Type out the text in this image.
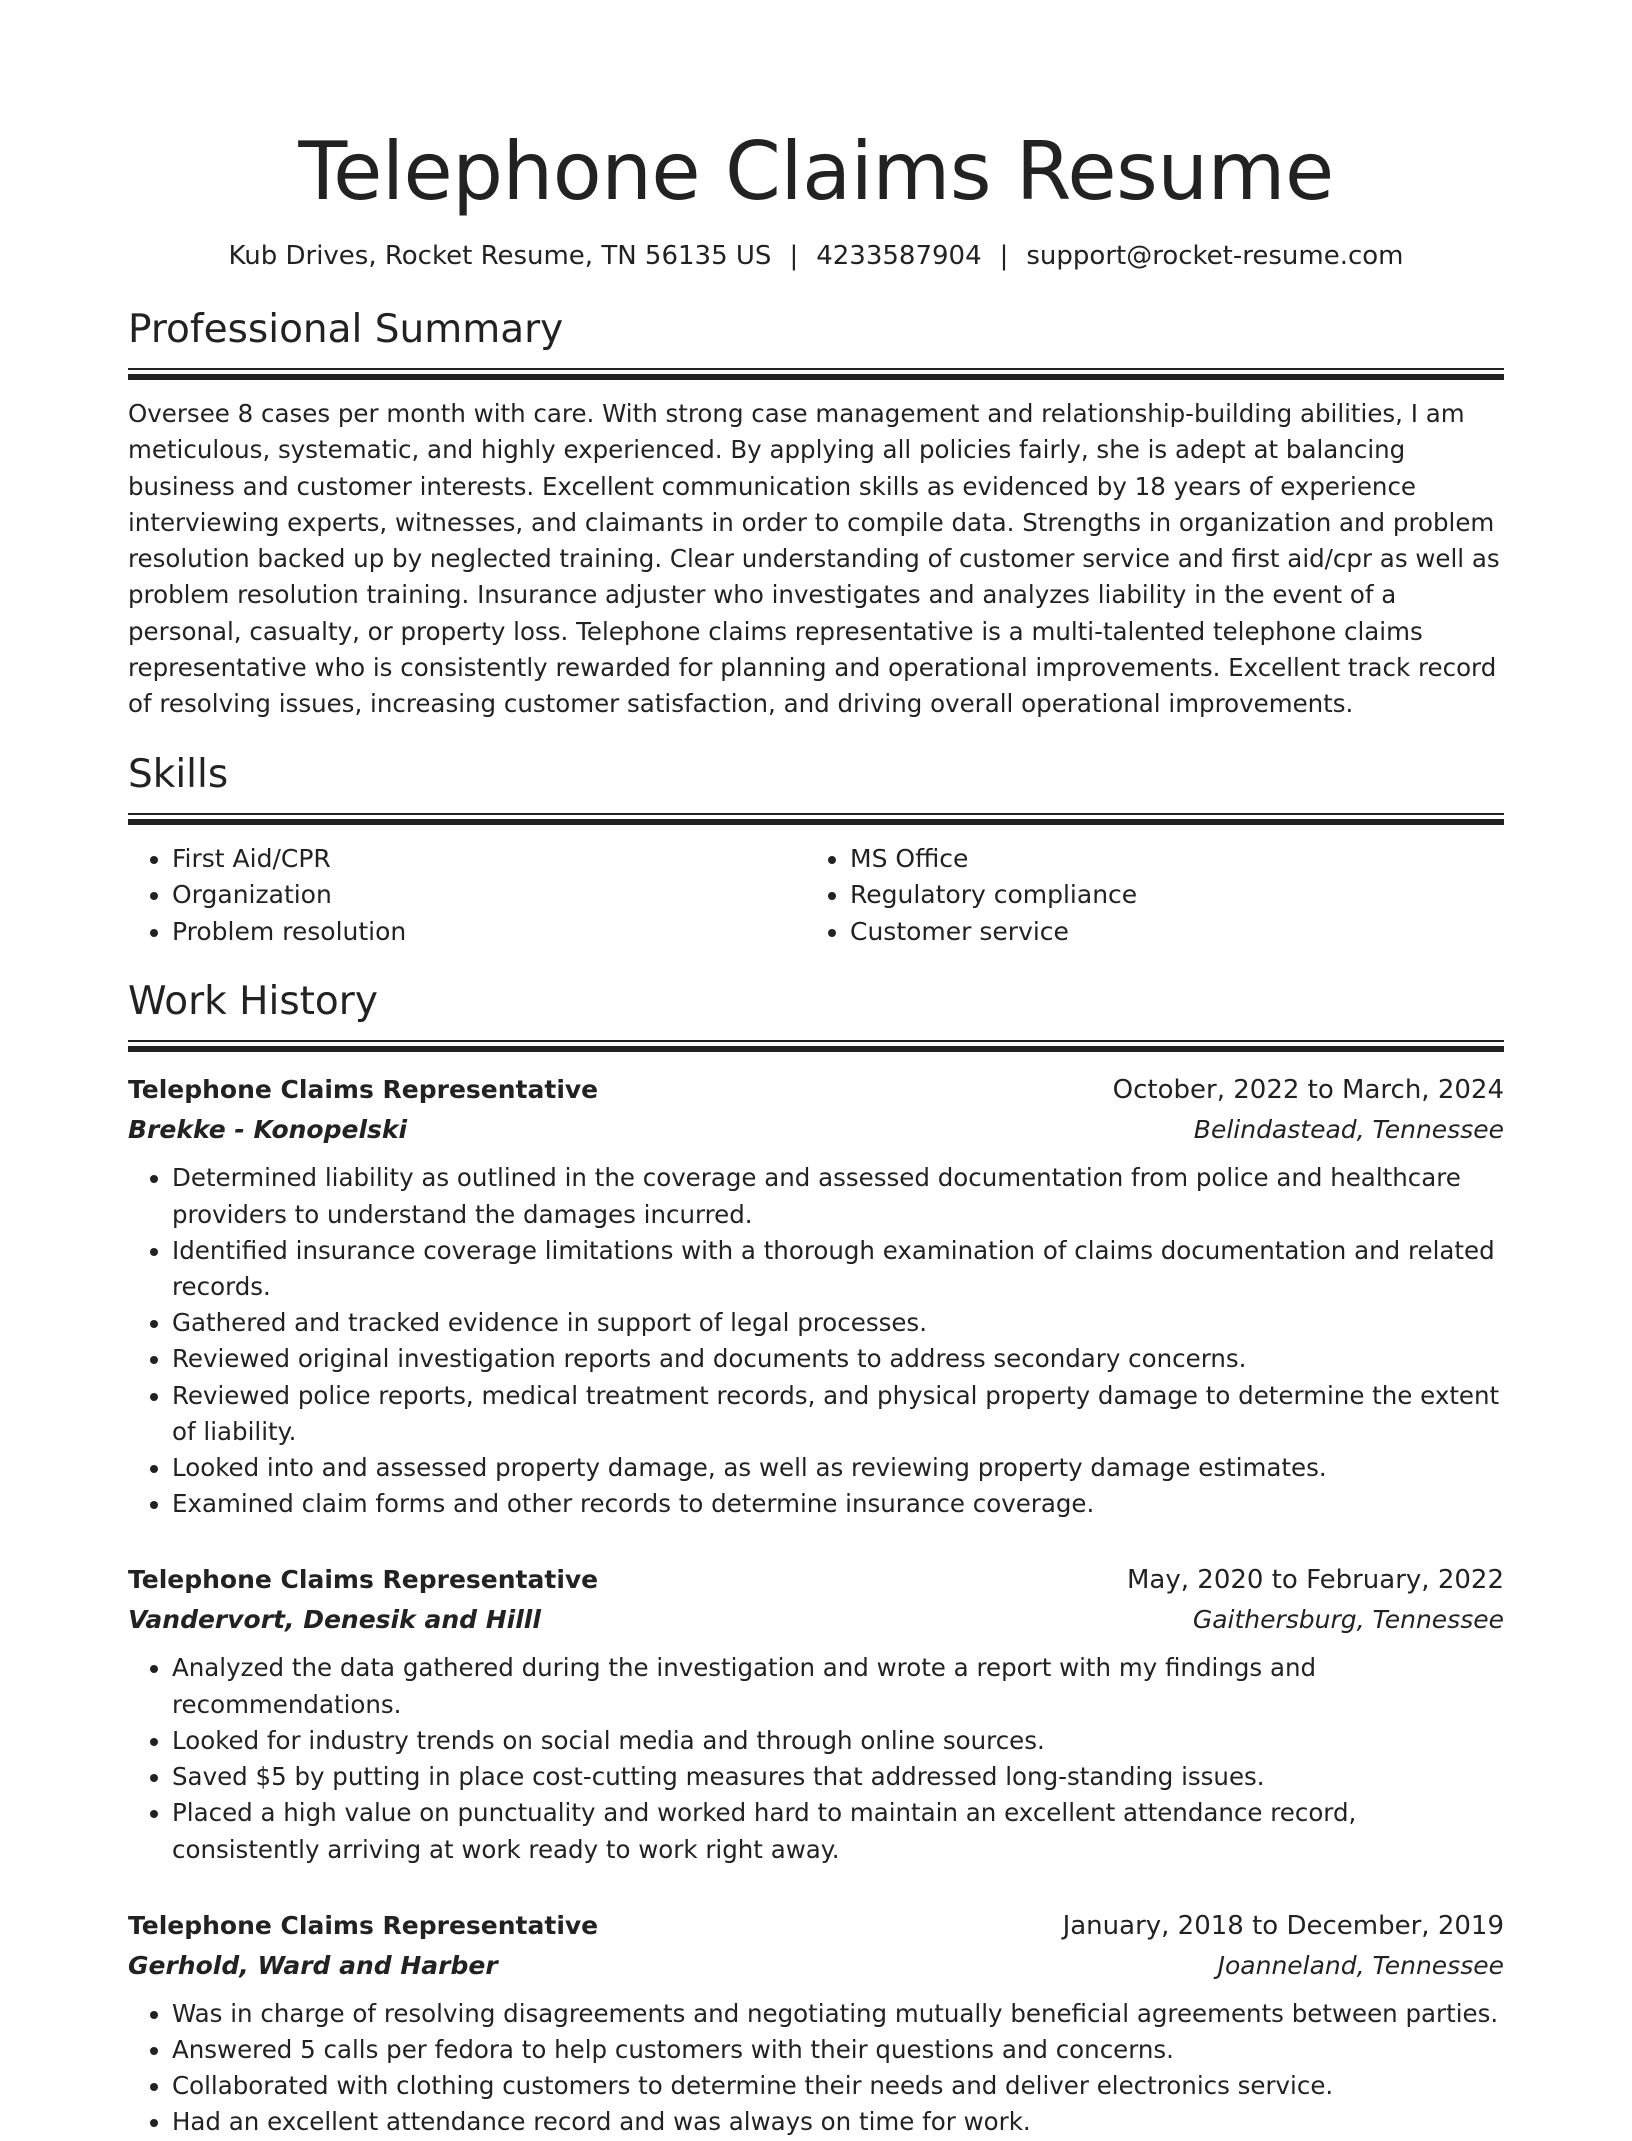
Telephone Claims Resume
Kub Drives, Rocket Resume, TN 56135 US | 4233587904 | support@rocket-resume.com
Professional Summary

Oversee 8 cases per month with care. With strong case management and relationship-building abilities, I am meticulous, systematic, and highly experienced. By applying all policies fairly, she is adept at balancing business and customer interests. Excellent communication skills as evidenced by 18 years of experience interviewing experts, witnesses, and claimants in order to compile data. Strengths in organization and problem resolution backed up by neglected training. Clear understanding of customer service and first aid/cpr as well as problem resolution training. Insurance adjuster who investigates and analyzes liability in the event of a personal, casualty, or property loss. Telephone claims representative is a multi-talented telephone claims representative who is consistently rewarded for planning and operational improvements. Excellent track record of resolving issues, increasing customer satisfaction, and driving overall operational improvements.

Skills
• First Aid/CPR
• Organization
• Problem resolution
• MS Office
• Regulatory compliance
• Customer service
Work History
Telephone Claims Representative	October, 2022 to March, 2024
Brekke - Konopelski	Belindastead, Tennessee
• Determined liability as outlined in the coverage and assessed documentation from police and healthcare providers to understand the damages incurred.
• Identified insurance coverage limitations with a thorough examination of claims documentation and related records.
• Gathered and tracked evidence in support of legal processes.
• Reviewed original investigation reports and documents to address secondary concerns.
• Reviewed police reports, medical treatment records, and physical property damage to determine the extent of liability.
• Looked into and assessed property damage, as well as reviewing property damage estimates.
• Examined claim forms and other records to determine insurance coverage.
Telephone Claims Representative	May, 2020 to February, 2022
Vandervort, Denesik and Hilll	Gaithersburg, Tennessee
• Analyzed the data gathered during the investigation and wrote a report with my findings and recommendations.
• Looked for industry trends on social media and through online sources.
• Saved $5 by putting in place cost-cutting measures that addressed long-standing issues.
• Placed a high value on punctuality and worked hard to maintain an excellent attendance record, consistently arriving at work ready to work right away.
Telephone Claims Representative	January, 2018 to December, 2019
Gerhold, Ward and Harber	Joanneland, Tennessee
• Was in charge of resolving disagreements and negotiating mutually beneficial agreements between parties.
• Answered 5 calls per fedora to help customers with their questions and concerns.
• Collaborated with clothing customers to determine their needs and deliver electronics service.
• Had an excellent attendance record and was always on time for work.
